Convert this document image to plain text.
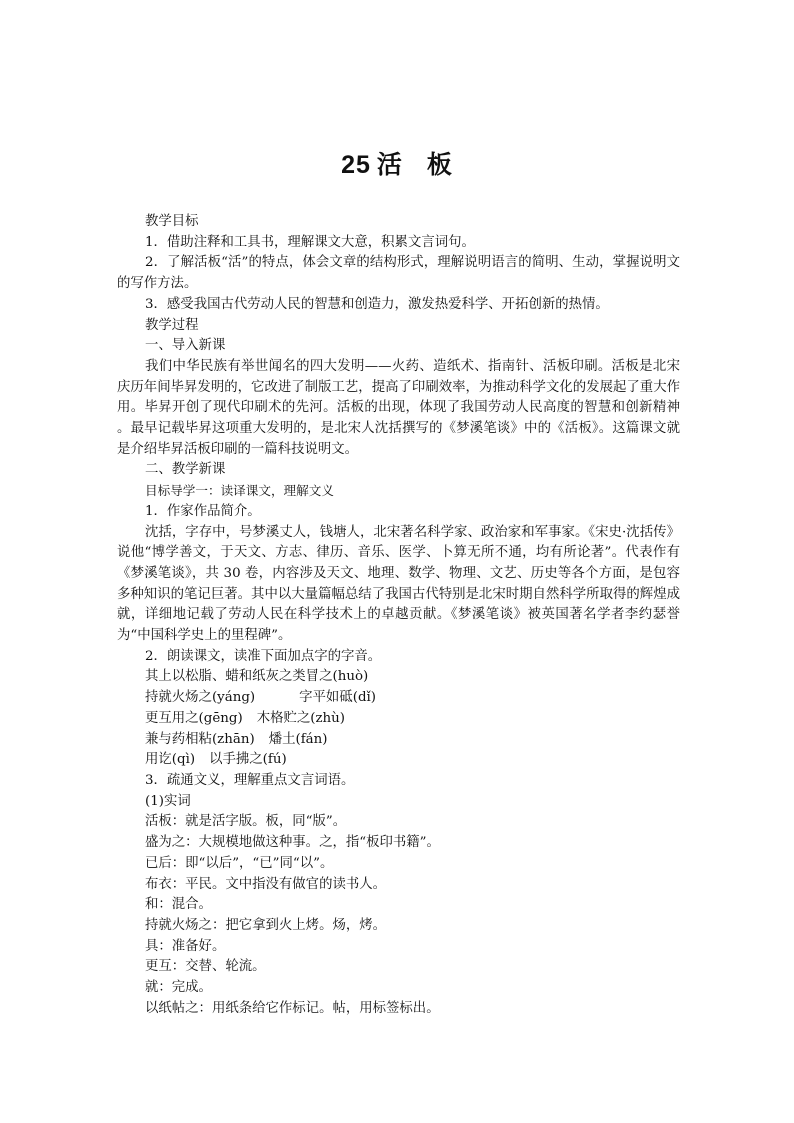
25 活 板

教学目标

1．借助注释和工具书，理解课文大意，积累文言词句。

2．了解活板“活”的特点，体会文章的结构形式，理解说明语言的简明、生动，掌握说明文的写作方法。

3．感受我国古代劳动人民的智慧和创造力，激发热爱科学、开拓创新的热情。

教学过程

一、导入新课

我们中华民族有举世闻名的四大发明——火药、造纸术、指南针、活板印刷。活板是北宋庆历年间毕昇发明的，它改进了制版工艺，提高了印刷效率，为推动科学文化的发展起了重大作用。毕昇开创了现代印刷术的先河。活板的出现，体现了我国劳动人民高度的智慧和创新精神 。最早记载毕昇这项重大发明的，是北宋人沈括撰写的《梦溪笔谈》中的《活板》。这篇课文就是介绍毕昇活板印刷的一篇科技说明文。

二、教学新课

目标导学一：读译课文，理解文义

1．作家作品简介。

沈括，字存中，号梦溪丈人，钱塘人，北宋著名科学家、政治家和军事家。《宋史·沈括传》说他“博学善文，于天文、方志、律历、音乐、医学、卜算无所不通，均有所论著”。代表作有《梦溪笔谈》，共 30 卷，内容涉及天文、地理、数学、物理、文艺、历史等各个方面，是包容多种知识的笔记巨著。其中以大量篇幅总结了我国古代特别是北宋时期自然科学所取得的辉煌成就，详细地记载了劳动人民在科学技术上的卓越贡献。《梦溪笔谈》被英国著名学者李约瑟誉为“中国科学史上的里程碑”。

2．朗读课文，读准下面加点字的字音。

其上以松脂、蜡和纸灰之类冒之(huò)

持就火炀之(yáng)	字平如砥(dǐ)

更互用之(gēng) 木格贮之(zhù)

兼与药相粘(zhān) 燔土(fán)

用讫(qì) 以手拂之(fú)

3．疏通文义，理解重点文言词语。

(1)实词

活板：就是活字版。板，同“版”。

盛为之：大规模地做这种事。之，指“板印书籍”。

已后：即“以后”，“已”同“以”。

布衣：平民。文中指没有做官的读书人。

和：混合。

持就火炀之：把它拿到火上烤。炀，烤。

具：准备好。

更互：交替、轮流。

就：完成。

以纸帖之：用纸条给它作标记。帖，用标签标出。
